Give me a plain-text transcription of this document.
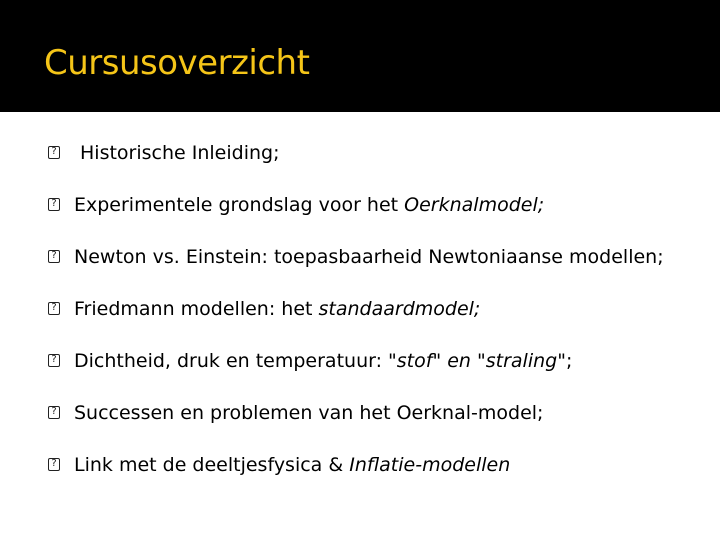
Cursusoverzicht
? Historische Inleiding;
? Experimentele grondslag voor het Oerknalmodel;
? Newton vs. Einstein: toepasbaarheid Newtoniaanse modellen;
? Friedmann modellen: het standaardmodel;
? Dichtheid, druk en temperatuur: "stof" en "straling";
? Successen en problemen van het Oerknal-model;
? Link met de deeltjesfysica & Inflatie-modellen
